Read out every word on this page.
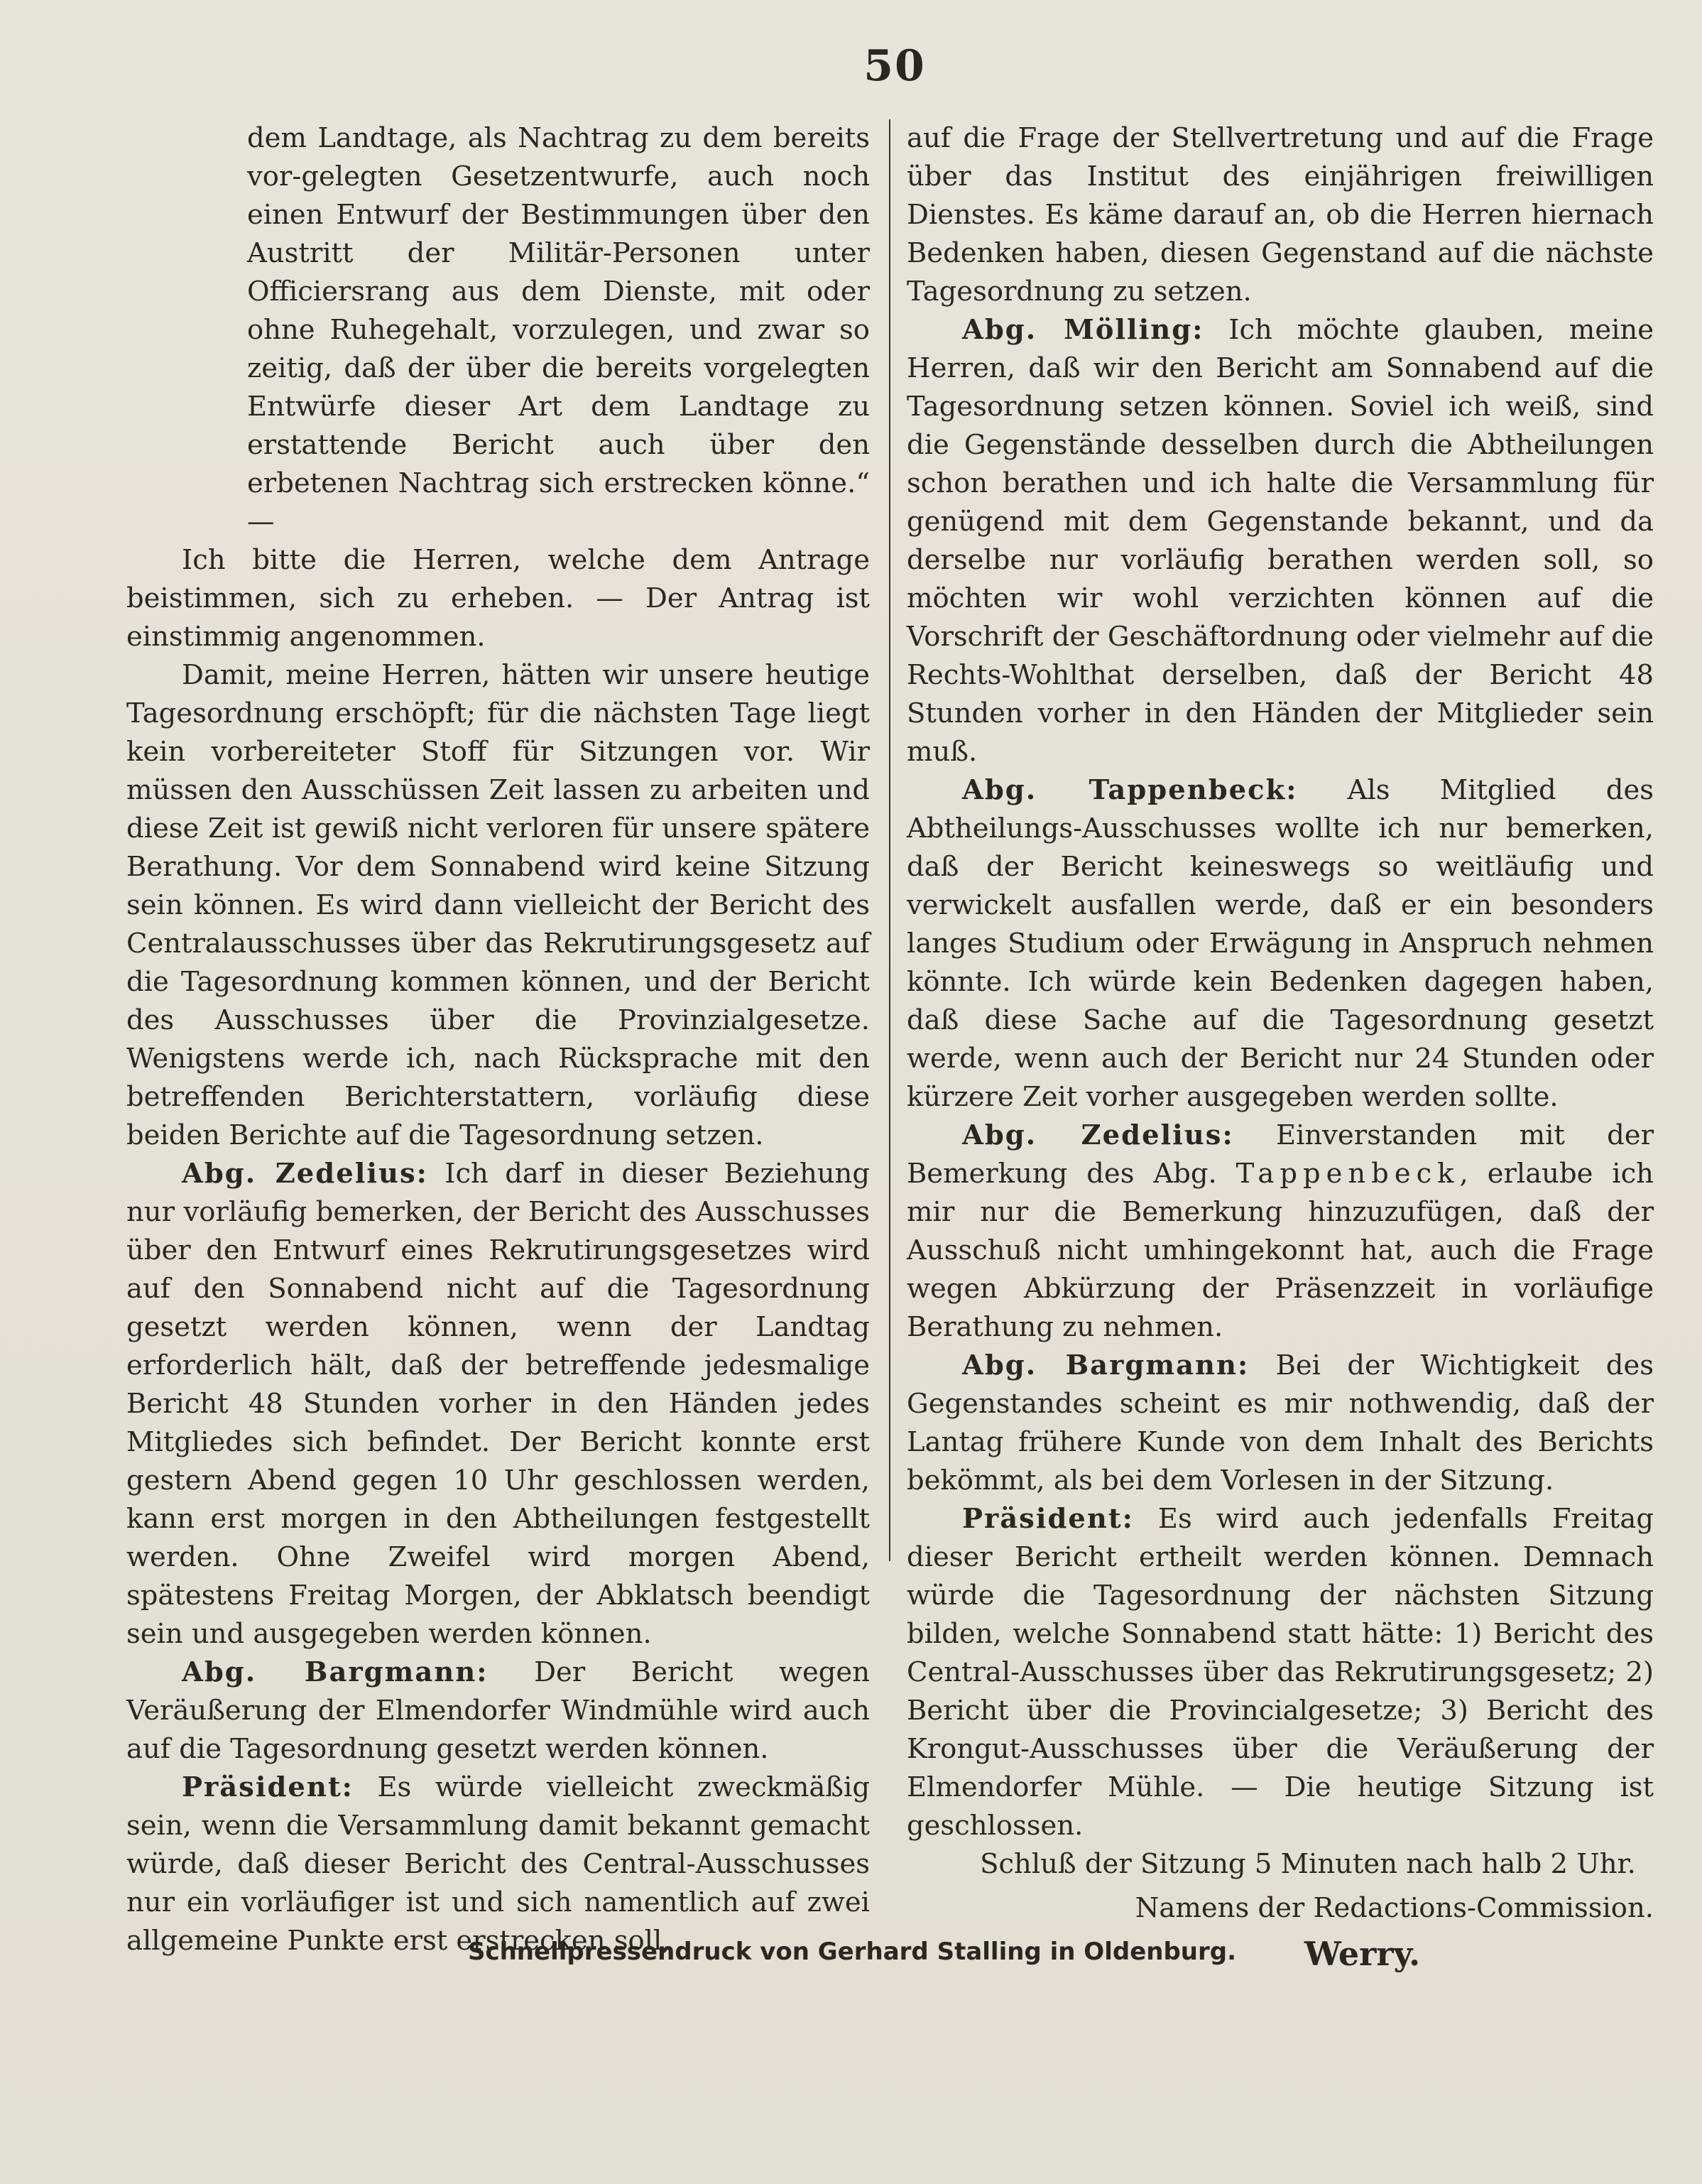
50

dem Landtage, als Nachtrag zu dem bereits vor-gelegten Gesetzentwurfe, auch noch einen Entwurf der Bestimmungen über den Austritt der Militär-Personen unter Officiersrang aus dem Dienste, mit oder ohne Ruhegehalt, vorzulegen, und zwar so zeitig, daß der über die bereits vorgelegten Entwürfe dieser Art dem Landtage zu erstattende Bericht auch über den erbetenen Nachtrag sich erstrecken könne.“ —

Ich bitte die Herren, welche dem Antrage beistimmen, sich zu erheben. — Der Antrag ist einstimmig angenommen.

Damit, meine Herren, hätten wir unsere heutige Tagesordnung erschöpft; für die nächsten Tage liegt kein vorbereiteter Stoff für Sitzungen vor. Wir müssen den Ausschüssen Zeit lassen zu arbeiten und diese Zeit ist gewiß nicht verloren für unsere spätere Berathung. Vor dem Sonnabend wird keine Sitzung sein können. Es wird dann vielleicht der Bericht des Centralausschusses über das Rekrutirungsgesetz auf die Tagesordnung kommen können, und der Bericht des Ausschusses über die Provinzialgesetze. Wenigstens werde ich, nach Rücksprache mit den betreffenden Berichterstattern, vorläufig diese beiden Berichte auf die Tagesordnung setzen.

Abg. Zedelius: Ich darf in dieser Beziehung nur vorläufig bemerken, der Bericht des Ausschusses über den Entwurf eines Rekrutirungsgesetzes wird auf den Sonnabend nicht auf die Tagesordnung gesetzt werden können, wenn der Landtag erforderlich hält, daß der betreffende jedesmalige Bericht 48 Stunden vorher in den Händen jedes Mitgliedes sich befindet. Der Bericht konnte erst gestern Abend gegen 10 Uhr geschlossen werden, kann erst morgen in den Abtheilungen festgestellt werden. Ohne Zweifel wird morgen Abend, spätestens Freitag Morgen, der Abklatsch beendigt sein und ausgegeben werden können.

Abg. Bargmann: Der Bericht wegen Veräußerung der Elmendorfer Windmühle wird auch auf die Tagesordnung gesetzt werden können.

Präsident: Es würde vielleicht zweckmäßig sein, wenn die Versammlung damit bekannt gemacht würde, daß dieser Bericht des Central-Ausschusses nur ein vorläufiger ist und sich namentlich auf zwei allgemeine Punkte erst erstrecken soll,

auf die Frage der Stellvertretung und auf die Frage über das Institut des einjährigen freiwilligen Dienstes. Es käme darauf an, ob die Herren hiernach Bedenken haben, diesen Gegenstand auf die nächste Tagesordnung zu setzen.

Abg. Mölling: Ich möchte glauben, meine Herren, daß wir den Bericht am Sonnabend auf die Tagesordnung setzen können. Soviel ich weiß, sind die Gegenstände desselben durch die Abtheilungen schon berathen und ich halte die Versammlung für genügend mit dem Gegenstande bekannt, und da derselbe nur vorläufig berathen werden soll, so möchten wir wohl verzichten können auf die Vorschrift der Geschäftordnung oder vielmehr auf die Rechts-Wohlthat derselben, daß der Bericht 48 Stunden vorher in den Händen der Mitglieder sein muß.

Abg. Tappenbeck: Als Mitglied des Abtheilungs-Ausschusses wollte ich nur bemerken, daß der Bericht keineswegs so weitläufig und verwickelt ausfallen werde, daß er ein besonders langes Studium oder Erwägung in Anspruch nehmen könnte. Ich würde kein Bedenken dagegen haben, daß diese Sache auf die Tagesordnung gesetzt werde, wenn auch der Bericht nur 24 Stunden oder kürzere Zeit vorher ausgegeben werden sollte.

Abg. Zedelius: Einverstanden mit der Bemerkung des Abg. Tappenbeck, erlaube ich mir nur die Bemerkung hinzuzufügen, daß der Ausschuß nicht umhingekonnt hat, auch die Frage wegen Abkürzung der Präsenzzeit in vorläufige Berathung zu nehmen.

Abg. Bargmann: Bei der Wichtigkeit des Gegenstandes scheint es mir nothwendig, daß der Lantag frühere Kunde von dem Inhalt des Berichts bekömmt, als bei dem Vorlesen in der Sitzung.

Präsident: Es wird auch jedenfalls Freitag dieser Bericht ertheilt werden können. Demnach würde die Tagesordnung der nächsten Sitzung bilden, welche Sonnabend statt hätte: 1) Bericht des Central-Ausschusses über das Rekrutirungsgesetz; 2) Bericht über die Provincialgesetze; 3) Bericht des Krongut-Ausschusses über die Veräußerung der Elmendorfer Mühle. — Die heutige Sitzung ist geschlossen.

Schluß der Sitzung 5 Minuten nach halb 2 Uhr.

Namens der Redactions-Commission.

Werry.

Schnellpressendruck von Gerhard Stalling in Oldenburg.
